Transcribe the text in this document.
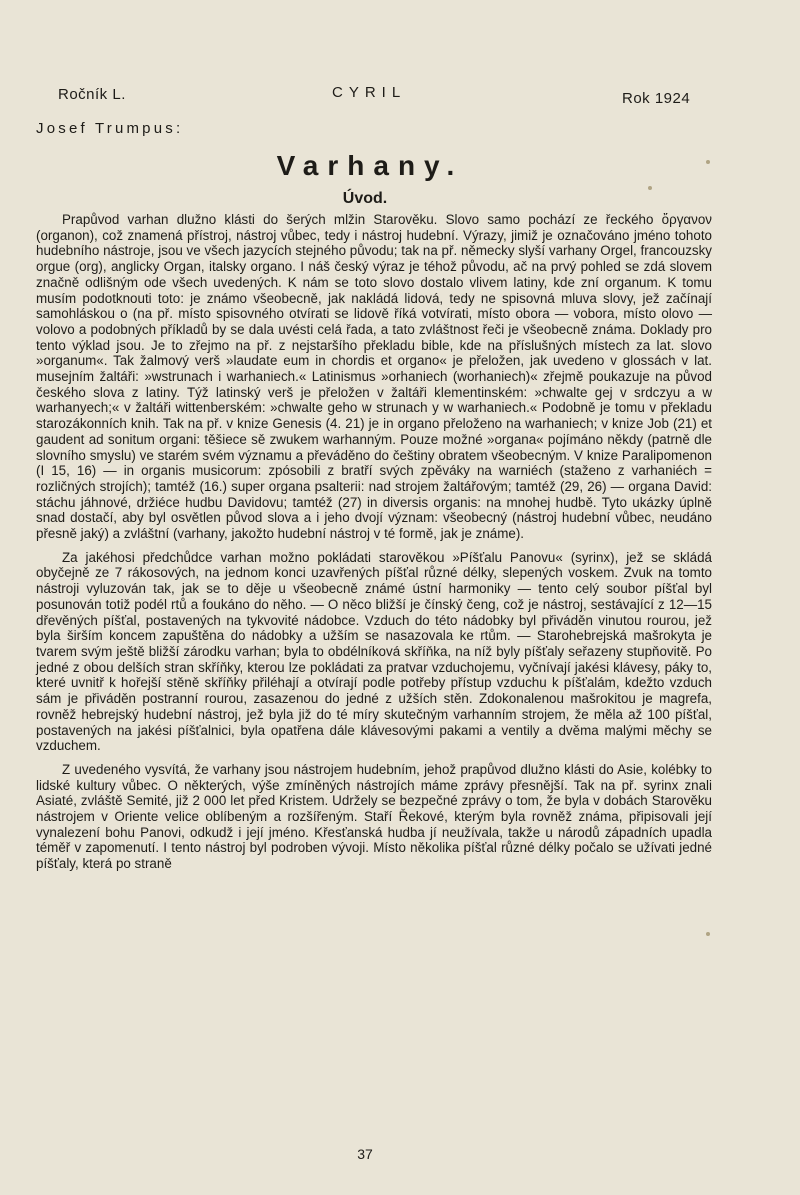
Ročník L.	CYRIL	Rok 1924
Josef Trumpus:
Varhany.
Úvod.

Prapůvod varhan dlužno klásti do šerých mlžin Starověku. Slovo samo pochází ze řeckého ὄργανον (organon), což znamená přístroj, nástroj vůbec, tedy i nástroj hudební. Výrazy, jimiž je označováno jméno tohoto hudebního nástroje, jsou ve všech jazycích stejného původu; tak na př. německy slyší varhany Orgel, francouzsky orgue (org), anglicky Organ, italsky organo. I náš český výraz je téhož původu, ač na prvý pohled se zdá slovem značně odlišným ode všech uvedených. K nám se toto slovo dostalo vlivem latiny, kde zní organum. K tomu musím podotknouti toto: je známo všeobecně, jak nakládá lidová, tedy ne spisovná mluva slovy, jež začínají samohláskou o (na př. místo spisovného otvírati se lidově říká votvírati, místo obora — vobora, místo olovo — volovo a podobných příkladů by se dala uvésti celá řada, a tato zvláštnost řeči je všeobecně známa. Doklady pro tento výklad jsou. Je to zřejmo na př. z nejstaršího překladu bible, kde na příslušných místech za lat. slovo »organum«. Tak žalmový verš »laudate eum in chordis et organo« je přeložen, jak uvedeno v glossách v lat. musejním žaltáři: »wstrunach i warhaniech.« Latinismus »orhaniech (worhaniech)« zřejmě poukazuje na původ českého slova z latiny. Týž latinský verš je přeložen v žaltáři klementinském: »chwalte gej v srdczyu a w warhanyech;« v žaltáři wittenberském: »chwalte geho w strunach y w warhaniech.« Podobně je tomu v překladu starozákonních knih. Tak na př. v knize Genesis (4. 21) je in organo přeloženo na warhaniech; v knize Job (21) et gaudent ad sonitum organi: těšiece sě zwukem warhanným. Pouze možné »organa« pojímáno někdy (patrně dle slovního smyslu) ve starém svém významu a převáděno do češtiny obratem všeobecným. V knize Paralipomenon (I 15, 16) — in organis musicorum: zpósobili z bratří svých zpěváky na warniéch (staženo z varhaniéch = rozličných strojích); tamtéž (16.) super organa psalterii: nad strojem žaltářovým; tamtéž (29, 26) — organa David: stáchu jáhnové, držiéce hudbu Davidovu; tamtéž (27) in diversis organis: na mnohej hudbě. Tyto ukázky úplně snad dostačí, aby byl osvětlen původ slova a i jeho dvojí význam: všeobecný (nástroj hudební vůbec, neudáno přesně jaký) a zvláštní (varhany, jakožto hudební nástroj v té formě, jak je známe).

Za jakéhosi předchůdce varhan možno pokládati starověkou »Píšťalu Panovu« (syrinx), jež se skládá obyčejně ze 7 rákosových, na jednom konci uzavřených píšťal různé délky, slepených voskem. Zvuk na tomto nástroji vyluzován tak, jak se to děje u všeobecně známé ústní harmoniky — tento celý soubor píšťal byl posunován totiž podél rtů a foukáno do něho. — O něco bližší je čínský čeng, což je nástroj, sestávající z 12—15 dřevěných píšťal, postavených na tykvovité nádobce. Vzduch do této nádobky byl přiváděn vinutou rourou, jež byla širším koncem zapuštěna do nádobky a užším se nasazovala ke rtům. — Starohebrejská mašrokyta je tvarem svým ještě bližší zárodku varhan; byla to obdélníková skříňka, na níž byly píšťaly seřazeny stupňovitě. Po jedné z obou delších stran skříňky, kterou lze pokládati za pratvar vzduchojemu, vyčnívají jakési klávesy, páky to, které uvnitř k hořejší stěně skříňky přiléhají a otvírají podle potřeby přístup vzduchu k píšťalám, kdežto vzduch sám je přiváděn postranní rourou, zasazenou do jedné z užších stěn. Zdokonalenou mašrokitou je magrefa, rovněž hebrejský hudební nástroj, jež byla již do té míry skutečným varhanním strojem, že měla až 100 píšťal, postavených na jakési píšťalnici, byla opatřena dále klávesovými pakami a ventily a dvěma malými měchy se vzduchem.

Z uvedeného vysvítá, že varhany jsou nástrojem hudebním, jehož prapůvod dlužno klásti do Asie, kolébky to lidské kultury vůbec. O některých, výše zmíněných nástrojích máme zprávy přesnější. Tak na př. syrinx znali Asiaté, zvláště Semité, již 2 000 let před Kristem. Udržely se bezpečné zprávy o tom, že byla v dobách Starověku nástrojem v Oriente velice oblíbeným a rozšířeným. Staří Řekové, kterým byla rovněž známa, připisovali její vynalezení bohu Panovi, odkudž i její jméno. Křesťanská hudba jí neužívala, takže u národů západních upadla téměř v zapomenutí. I tento nástroj byl podroben vývoji. Místo několika píšťal různé délky počalo se užívati jedné píšťaly, která po straně

37
